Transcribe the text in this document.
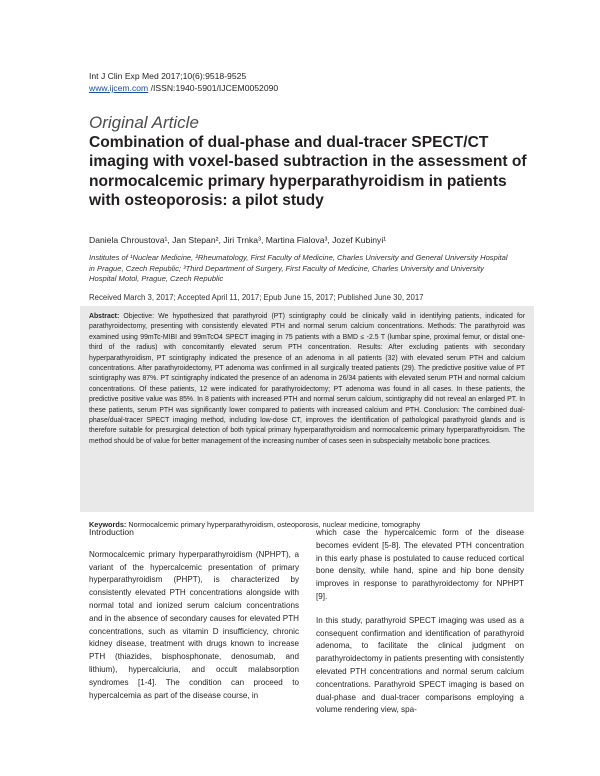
Int J Clin Exp Med 2017;10(6):9518-9525
www.ijcem.com /ISSN:1940-5901/IJCEM0052090
Original Article
Combination of dual-phase and dual-tracer SPECT/CT imaging with voxel-based subtraction in the assessment of normocalcemic primary hyperparathyroidism in patients with osteoporosis: a pilot study
Daniela Chroustova¹, Jan Stepan², Jiri Trnka³, Martina Fialova³, Jozef Kubinyi¹
Institutes of ¹Nuclear Medicine, ²Rheumatology, First Faculty of Medicine, Charles University and General University Hospital in Prague, Czech Republic; ³Third Department of Surgery, First Faculty of Medicine, Charles University and University Hospital Motol, Prague, Czech Republic
Received March 3, 2017; Accepted April 11, 2017; Epub June 15, 2017; Published June 30, 2017
Abstract: Objective: We hypothesized that parathyroid (PT) scintigraphy could be clinically valid in identifying patients, indicated for parathyroidectomy, presenting with consistently elevated PTH and normal serum calcium concentrations. Methods: The parathyroid was examined using 99mTc-MIBI and 99mTcO4 SPECT imaging in 75 patients with a BMD ≤ -2.5 T (lumbar spine, proximal femur, or distal one-third of the radius) with concomitantly elevated serum PTH concentration. Results: After excluding patients with secondary hyperparathyroidism, PT scintigraphy indicated the presence of an adenoma in all patients (32) with elevated serum PTH and calcium concentrations. After parathyroidectomy, PT adenoma was confirmed in all surgically treated patients (29). The predictive positive value of PT scintigraphy was 87%. PT scintigraphy indicated the presence of an adenoma in 26/34 patients with elevated serum PTH and normal calcium concentrations. Of these patients, 12 were indicated for parathyroidectomy; PT adenoma was found in all cases. In these patients, the predictive positive value was 85%. In 8 patients with increased PTH and normal serum calcium, scintigraphy did not reveal an enlarged PT. In these patients, serum PTH was significantly lower compared to patients with increased calcium and PTH. Conclusion: The combined dual-phase/dual-tracer SPECT imaging method, including low-dose CT, improves the identification of pathological parathyroid glands and is therefore suitable for presurgical detection of both typical primary hyperparathyroidism and normocalcemic primary hyperparathyroidism. The method should be of value for better management of the increasing number of cases seen in subspecialty metabolic bone practices.
Keywords: Normocalcemic primary hyperparathyroidism, osteoporosis, nuclear medicine, tomography
Introduction

Normocalcemic primary hyperparathyroidism (NPHPT), a variant of the hypercalcemic presentation of primary hyperparathyroidism (PHPT), is characterized by consistently elevated PTH concentrations alongside with normal total and ionized serum calcium concentrations and in the absence of secondary causes for elevated PTH concentrations, such as vitamin D insufficiency, chronic kidney disease, treatment with drugs known to increase PTH (thiazides, bisphosphonate, denosumab, and lithium), hypercalciuria, and occult malabsorption syndromes [1-4]. The condition can proceed to hypercalcemia as part of the disease course, in

which case the hypercalcemic form of the disease becomes evident [5-8]. The elevated PTH concentration in this early phase is postulated to cause reduced cortical bone density, while hand, spine and hip bone density improves in response to parathyroidectomy for NPHPT [9].

In this study, parathyroid SPECT imaging was used as a consequent confirmation and identification of parathyroid adenoma, to facilitate the clinical judgment on parathyroidectomy in patients presenting with consistently elevated PTH concentrations and normal serum calcium concentrations. Parathyroid SPECT imaging is based on dual-phase and dual-tracer comparisons employing a volume rendering view, spa-
